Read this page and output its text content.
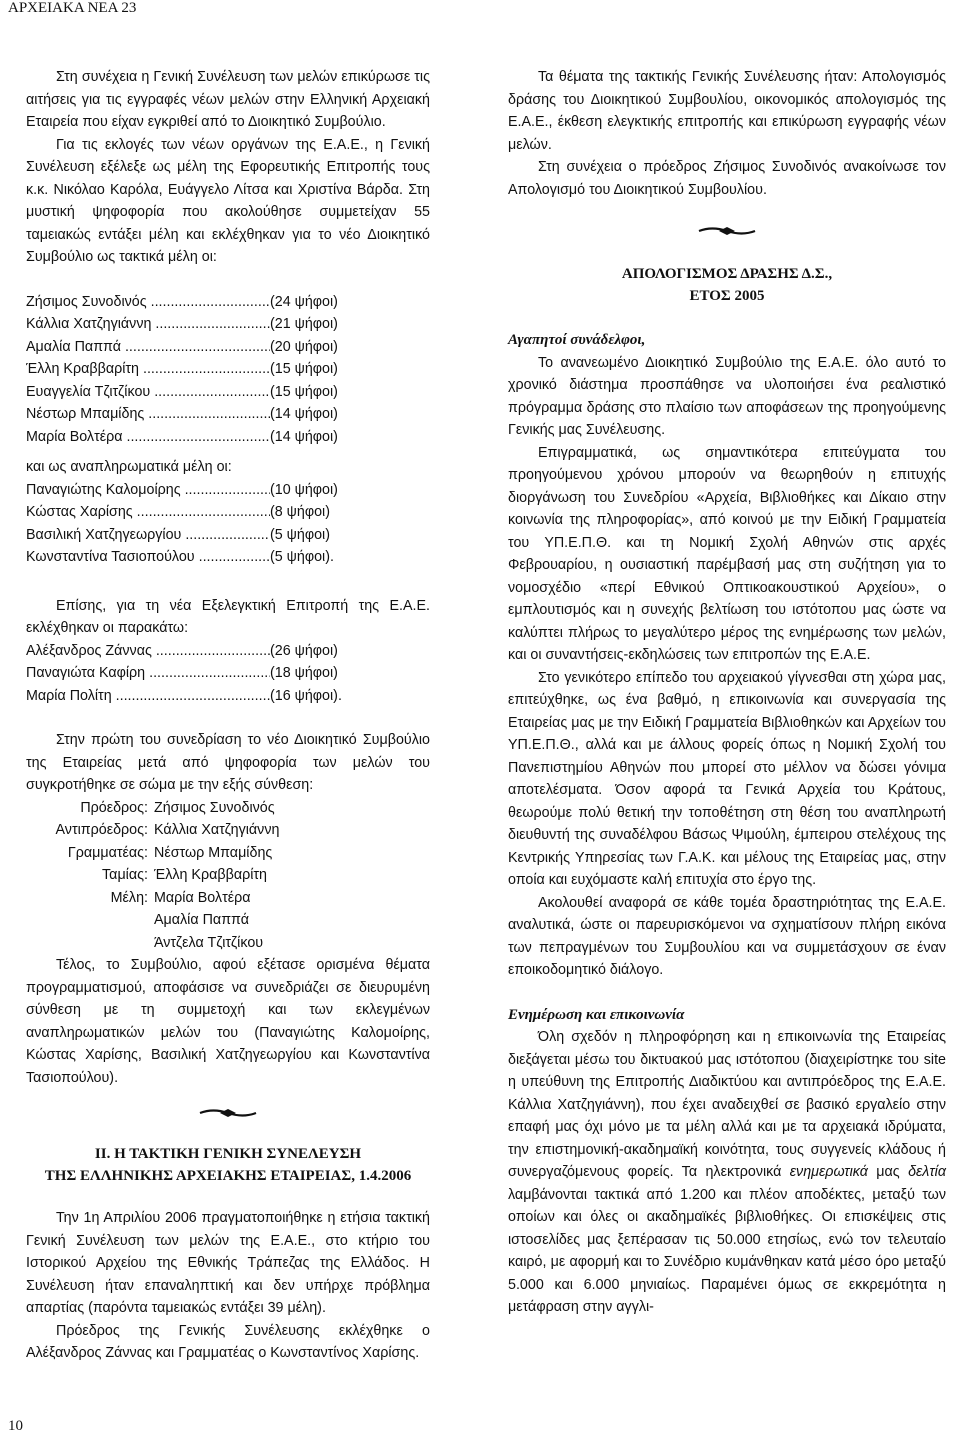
ΑΡΧΕΙΑΚΑ ΝΕΑ 23

Στη συνέχεια η Γενική Συνέλευση των μελών επικύρωσε τις αιτήσεις για τις εγγραφές νέων μελών στην Ελληνική Αρχειακή Εταιρεία που είχαν εγκριθεί από το Διοικητικό Συμβούλιο.

Για τις εκλογές των νέων οργάνων της Ε.Α.Ε., η Γενική Συνέλευση εξέλεξε ως μέλη της Εφορευτικής Επιτροπής τους κ.κ. Νικόλαο Καρόλα, Ευάγγελο Λίτσα και Χριστίνα Βάρδα. Στη μυστική ψηφοφορία που ακολούθησε συμμετείχαν 55 ταμειακώς εντάξει μέλη και εκλέχθηκαν για το νέο Διοικητικό Συμβούλιο ως τακτικά μέλη οι:

Ζήσιμος Συνοδινός .....	(24 ψήφοι)
Κάλλια Χατζηγιάννη .....	(21 ψήφοι)
Αμαλία Παππά .....	(20 ψήφοι)
Έλλη Κραββαρίτη .....	(15 ψήφοι)
Ευαγγελία Τζιτζίκου .....	(15 ψήφοι)
Νέστωρ Μπαμίδης .....	(14 ψήφοι)
Μαρία Βολτέρα .....	(14 ψήφοι)

και ως αναπληρωματικά μέλη οι:

Παναγιώτης Καλομοίρης .....	(10 ψήφοι)
Κώστας Χαρίσης .....	(8 ψήφοι)
Βασιλική Χατζηγεωργίου .....	(5 ψήφοι)
Κωνσταντίνα Τασιοπούλου .....	(5 ψήφοι).

Επίσης, για τη νέα Εξελεγκτική Επιτροπή της Ε.Α.Ε. εκλέχθηκαν οι παρακάτω:

Αλέξανδρος Ζάννας .....	(26 ψήφοι)
Παναγιώτα Καφίρη .....	(18 ψήφοι)
Μαρία Πολίτη .....	(16 ψήφοι).

Στην πρώτη του συνεδρίαση το νέο Διοικητικό Συμβούλιο της Εταιρείας μετά από ψηφοφορία των μελών του συγκροτήθηκε σε σώμα με την εξής σύνθεση:

Πρόεδρος: Ζήσιμος Συνοδινός
Αντιπρόεδρος: Κάλλια Χατζηγιάννη
Γραμματέας: Νέστωρ Μπαμίδης
Ταμίας: Έλλη Κραββαρίτη
Μέλη: Μαρία Βολτέρα
Αμαλία Παππά
Άντζελα Τζιτζίκου

Τέλος, το Συμβούλιο, αφού εξέτασε ορισμένα θέματα προγραμματισμού, αποφάσισε να συνεδριάζει σε διευρυμένη σύνθεση με τη συμμετοχή και των εκλεγμένων αναπληρωματικών μελών του (Παναγιώτης Καλομοίρης, Κώστας Χαρίσης, Βασιλική Χατζηγεωργίου και Κωνσταντίνα Τασιοπούλου).

ΙΙ. Η ΤΑΚΤΙΚΗ ΓΕΝΙΚΗ ΣΥΝΕΛΕΥΣΗ
ΤΗΣ ΕΛΛΗΝΙΚΗΣ ΑΡΧΕΙΑΚΗΣ ΕΤΑΙΡΕΙΑΣ, 1.4.2006

Την 1η Απριλίου 2006 πραγματοποιήθηκε η ετήσια τακτική Γενική Συνέλευση των μελών της Ε.Α.Ε., στο κτήριο του Ιστορικού Αρχείου της Εθνικής Τράπεζας της Ελλάδος. Η Συνέλευση ήταν επαναληπτική και δεν υπήρχε πρόβλημα απαρτίας (παρόντα ταμειακώς εντάξει 39 μέλη).

Πρόεδρος της Γενικής Συνέλευσης εκλέχθηκε ο Αλέξανδρος Ζάννας και Γραμματέας ο Κωνσταντίνος Χαρίσης.

Τα θέματα της τακτικής Γενικής Συνέλευσης ήταν: Απολογισμός δράσης του Διοικητικού Συμβουλίου, οικονομικός απολογισμός της Ε.Α.Ε., έκθεση ελεγκτικής επιτροπής και επικύρωση εγγραφής νέων μελών.

Στη συνέχεια ο πρόεδρος Ζήσιμος Συνοδινός ανακοίνωσε τον Απολογισμό του Διοικητικού Συμβουλίου.

ΑΠΟΛΟΓΙΣΜΟΣ ΔΡΑΣΗΣ Δ.Σ.,
ΕΤΟΣ 2005
Αγαπητοί συνάδελφοι,

Το ανανεωμένο Διοικητικό Συμβούλιο της Ε.Α.Ε. όλο αυτό το χρονικό διάστημα προσπάθησε να υλοποιήσει ένα ρεαλιστικό πρόγραμμα δράσης στο πλαίσιο των αποφάσεων της προηγούμενης Γενικής μας Συνέλευσης.

Επιγραμματικά, ως σημαντικότερα επιτεύγματα του προηγούμενου χρόνου μπορούν να θεωρηθούν η επιτυχής διοργάνωση του Συνεδρίου «Αρχεία, Βιβλιοθήκες και Δίκαιο στην κοινωνία της πληροφορίας», από κοινού με την Ειδική Γραμματεία του ΥΠ.Ε.Π.Θ. και τη Νομική Σχολή Αθηνών στις αρχές Φεβρουαρίου, η ουσιαστική παρέμβασή μας στη συζήτηση για το νομοσχέδιο «περί Εθνικού Οπτικοακουστικού Αρχείου», ο εμπλουτισμός και η συνεχής βελτίωση του ιστότοπου μας ώστε να καλύπτει πλήρως το μεγαλύτερο μέρος της ενημέρωσης των μελών, και οι συναντήσεις-εκδηλώσεις των επιτροπών της Ε.Α.Ε.

Στο γενικότερο επίπεδο του αρχειακού γίγνεσθαι στη χώρα μας, επιτεύχθηκε, ως ένα βαθμό, η επικοινωνία και συνεργασία της Εταιρείας μας με την Ειδική Γραμματεία Βιβλιοθηκών και Αρχείων του ΥΠ.Ε.Π.Θ., αλλά και με άλλους φορείς όπως η Νομική Σχολή του Πανεπιστημίου Αθηνών που μπορεί στο μέλλον να δώσει γόνιμα αποτελέσματα. Όσον αφορά τα Γενικά Αρχεία του Κράτους, θεωρούμε πολύ θετική την τοποθέτηση στη θέση του αναπληρωτή διευθυντή της συναδέλφου Βάσως Ψιμούλη, έμπειρου στελέχους της Κεντρικής Υπηρεσίας των Γ.Α.Κ. και μέλους της Εταιρείας μας, στην οποία και ευχόμαστε καλή επιτυχία στο έργο της.

Ακολουθεί αναφορά σε κάθε τομέα δραστηριότητας της Ε.Α.Ε. αναλυτικά, ώστε οι παρευρισκόμενοι να σχηματίσουν πλήρη εικόνα των πεπραγμένων του Συμβουλίου και να συμμετάσχουν σε έναν εποικοδομητικό διάλογο.

Ενημέρωση και επικοινωνία

Όλη σχεδόν η πληροφόρηση και η επικοινωνία της Εταιρείας διεξάγεται μέσω του δικτυακού μας ιστότοπου (διαχειρίστηκε του site η υπεύθυνη της Επιτροπής Διαδικτύου και αντιπρόεδρος της Ε.Α.Ε. Κάλλια Χατζηγιάννη), που έχει αναδειχθεί σε βασικό εργαλείο στην επαφή μας όχι μόνο με τα μέλη αλλά και με τα αρχειακά ιδρύματα, την επιστημονική-ακαδημαϊκή κοινότητα, τους συγγενείς κλάδους ή συνεργαζόμενους φορείς. Τα ηλεκτρονικά ενημερωτικά μας δελτία λαμβάνονται τακτικά από 1.200 και πλέον αποδέκτες, μεταξύ των οποίων και όλες οι ακαδημαϊκές βιβλιοθήκες. Οι επισκέψεις στις ιστοσελίδες μας ξεπέρασαν τις 50.000 ετησίως, ενώ τον τελευταίο καιρό, με αφορμή και το Συνέδριο κυμάνθηκαν κατά μέσο όρο μεταξύ 5.000 και 6.000 μηνιαίως. Παραμένει όμως σε εκκρεμότητα η μετάφραση στην αγγλι-

10
